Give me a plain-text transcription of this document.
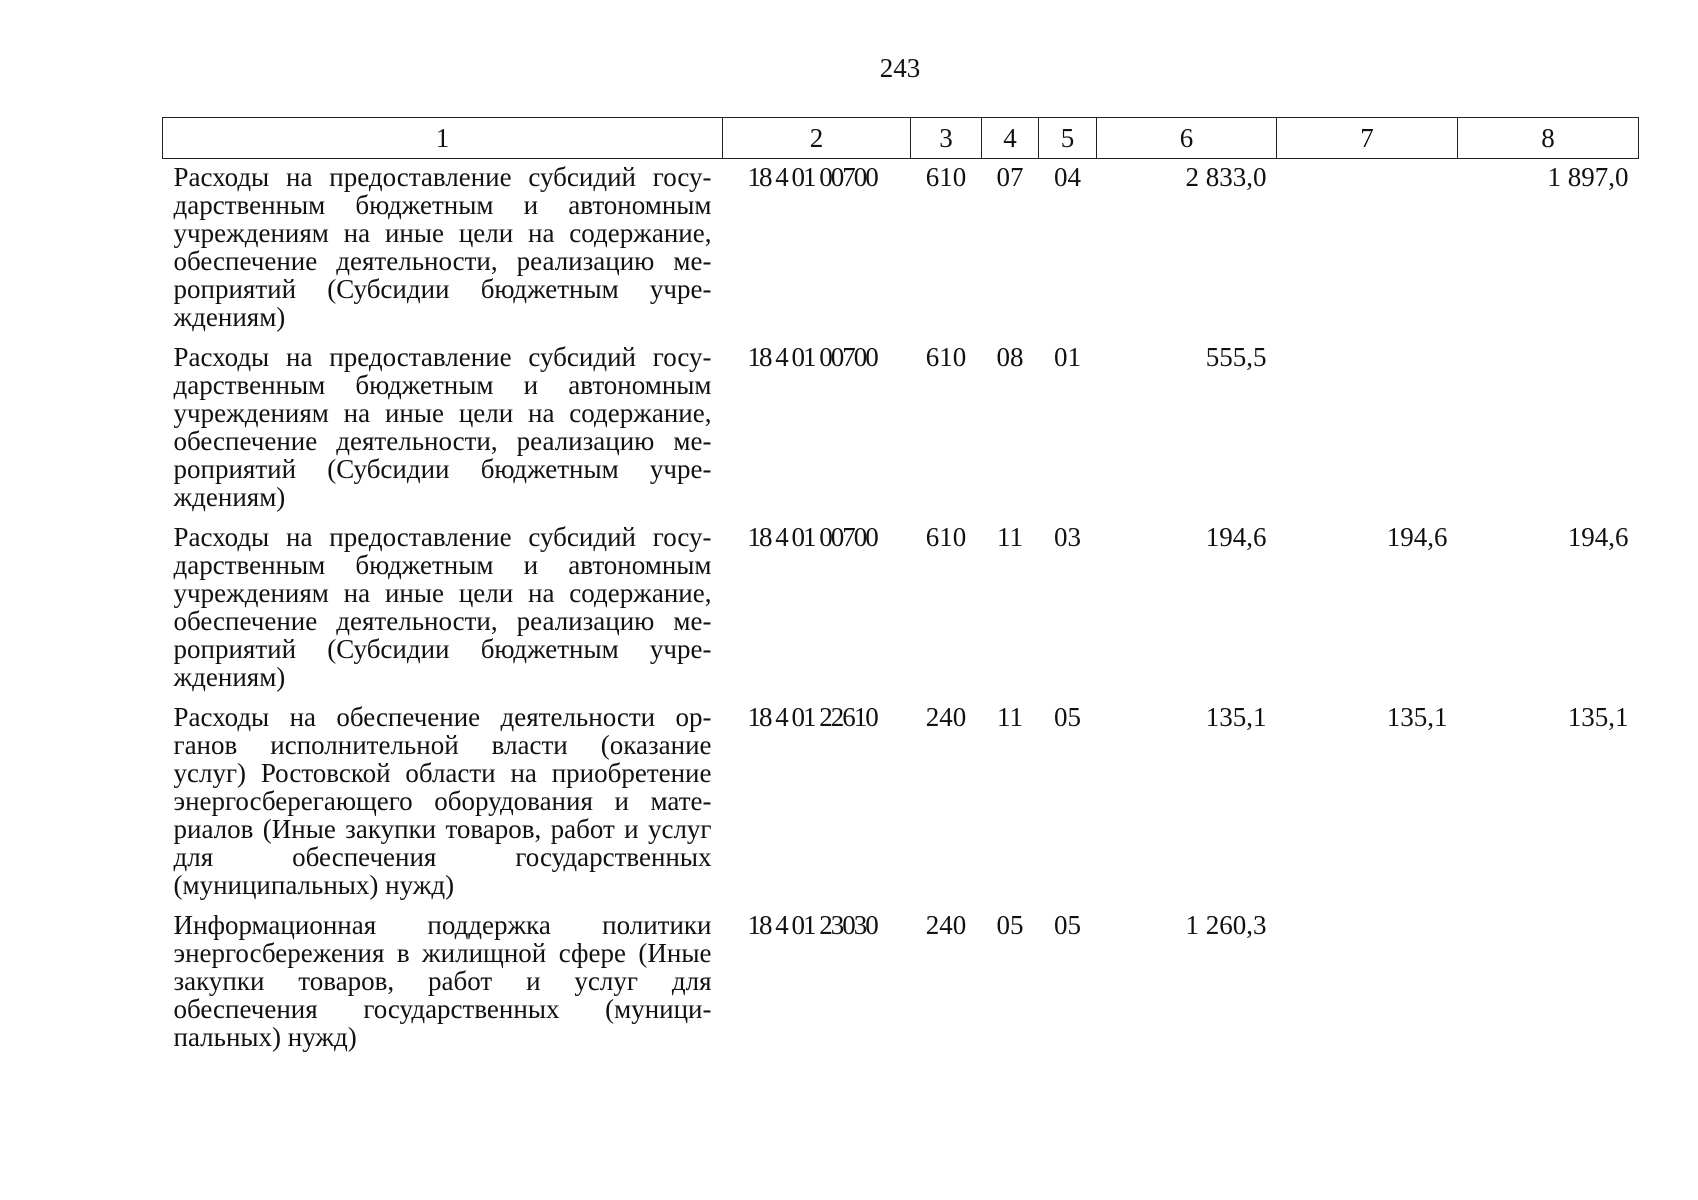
243
1	2	3	4	5	6	7	8
Расходы на предоставление субсидий государственным бюджетным и автономным учреждениям на иные цели на содержание, обеспечение деятельности, реализацию мероприятий (Субсидии бюджетным учреждениям)	18 4 01 00700	610	07	04	2 833,0		1 897,0
Расходы на предоставление субсидий государственным бюджетным и автономным учреждениям на иные цели на содержание, обеспечение деятельности, реализацию мероприятий (Субсидии бюджетным учреждениям)	18 4 01 00700	610	08	01	555,5		
Расходы на предоставление субсидий государственным бюджетным и автономным учреждениям на иные цели на содержание, обеспечение деятельности, реализацию мероприятий (Субсидии бюджетным учреждениям)	18 4 01 00700	610	11	03	194,6	194,6	194,6
Расходы на обеспечение деятельности органов исполнительной власти (оказание услуг) Ростовской области на приобретение энергосберегающего оборудования и материалов (Иные закупки товаров, работ и услуг для обеспечения государственных (муниципальных) нужд)	18 4 01 22610	240	11	05	135,1	135,1	135,1
Информационная поддержка политики энергосбережения в жилищной сфере (Иные закупки товаров, работ и услуг для обеспечения государственных (муниципальных) нужд)	18 4 01 23030	240	05	05	1 260,3		
